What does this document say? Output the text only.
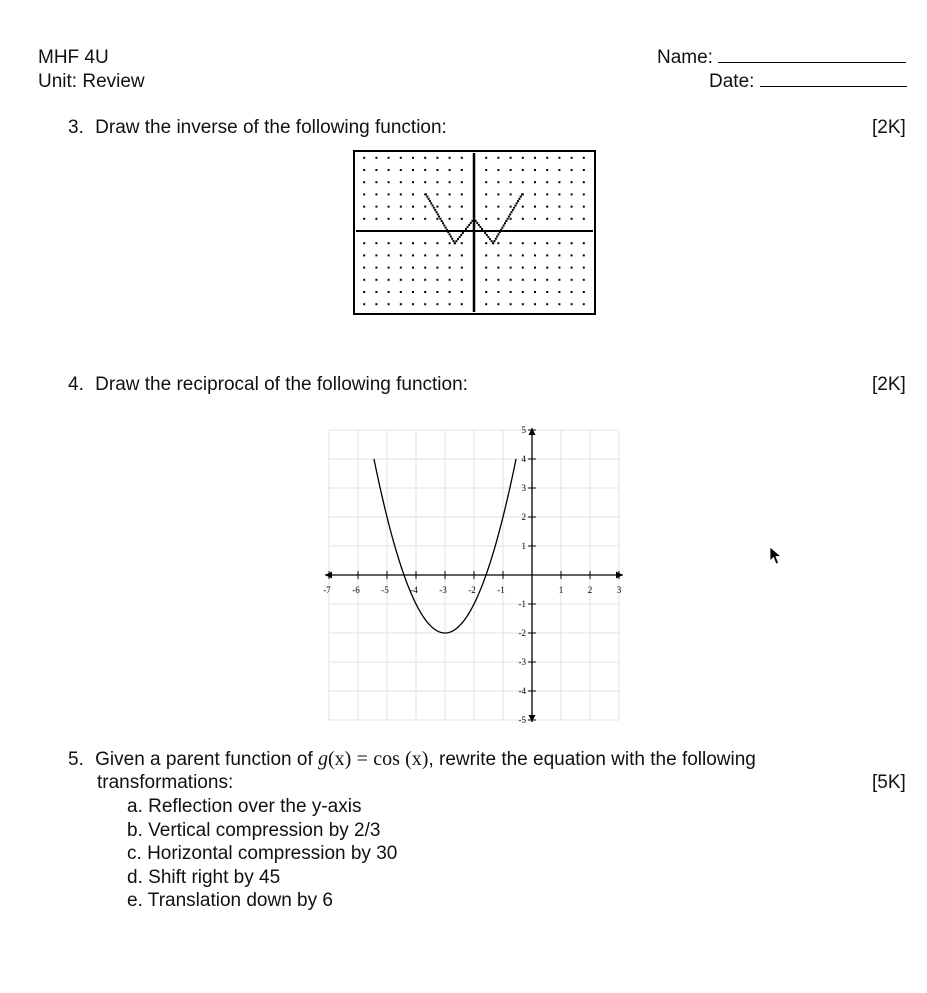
MHF 4U
Unit: Review
Name:
Date:
3. Draw the inverse of the following function:	[2K]
4. Draw the reciprocal of the following function:	[2K]
-7 -6 -5 -4 -3 -2 -1	1	2	3
-5
-4
-3
-2
-1
1
2
3
4
5
5. Given a parent function of g(x) = cos (x), rewrite the equation with the following
transformations:	[5K]
a. Reflection over the y-axis
b. Vertical compression by 2/3
c. Horizontal compression by 30
d. Shift right by 45
e. Translation down by 6
